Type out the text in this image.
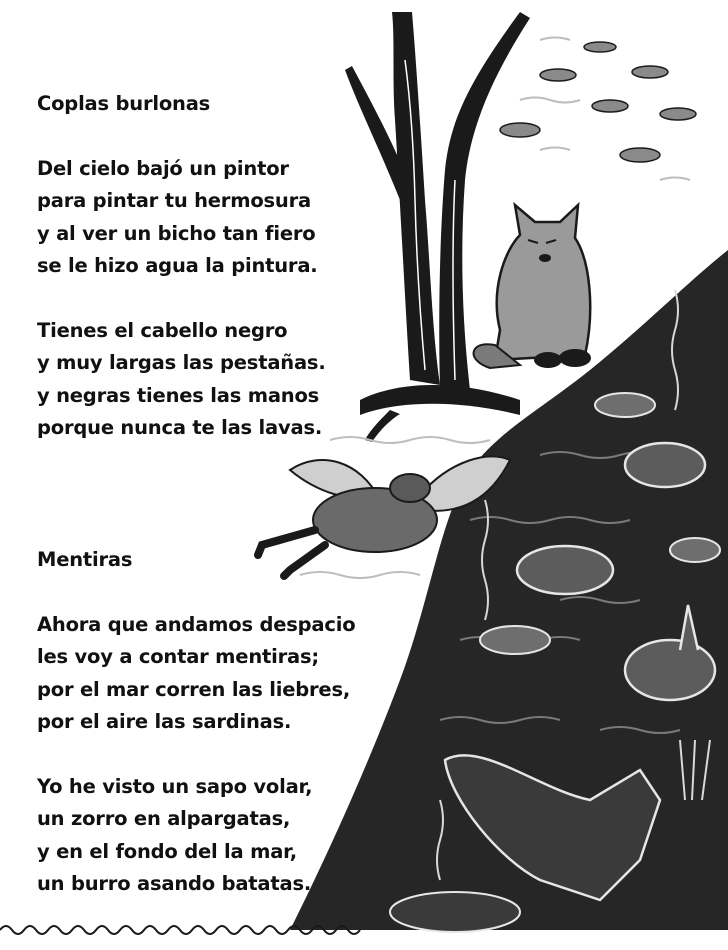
Coplas burlonas

Del cielo bajó un pintor
para pintar tu hermosura
y al ver un bicho tan fiero
se le hizo agua la pintura.

Tienes el cabello negro
y muy largas las pestañas.
y negras tienes las manos
porque nunca te las lavas.

Mentiras

Ahora que andamos despacio
les voy a contar mentiras;
por el mar corren las liebres,
por el aire las sardinas.

Yo he visto un sapo volar,
un zorro en alpargatas,
y en el fondo del la mar,
un burro asando batatas.
